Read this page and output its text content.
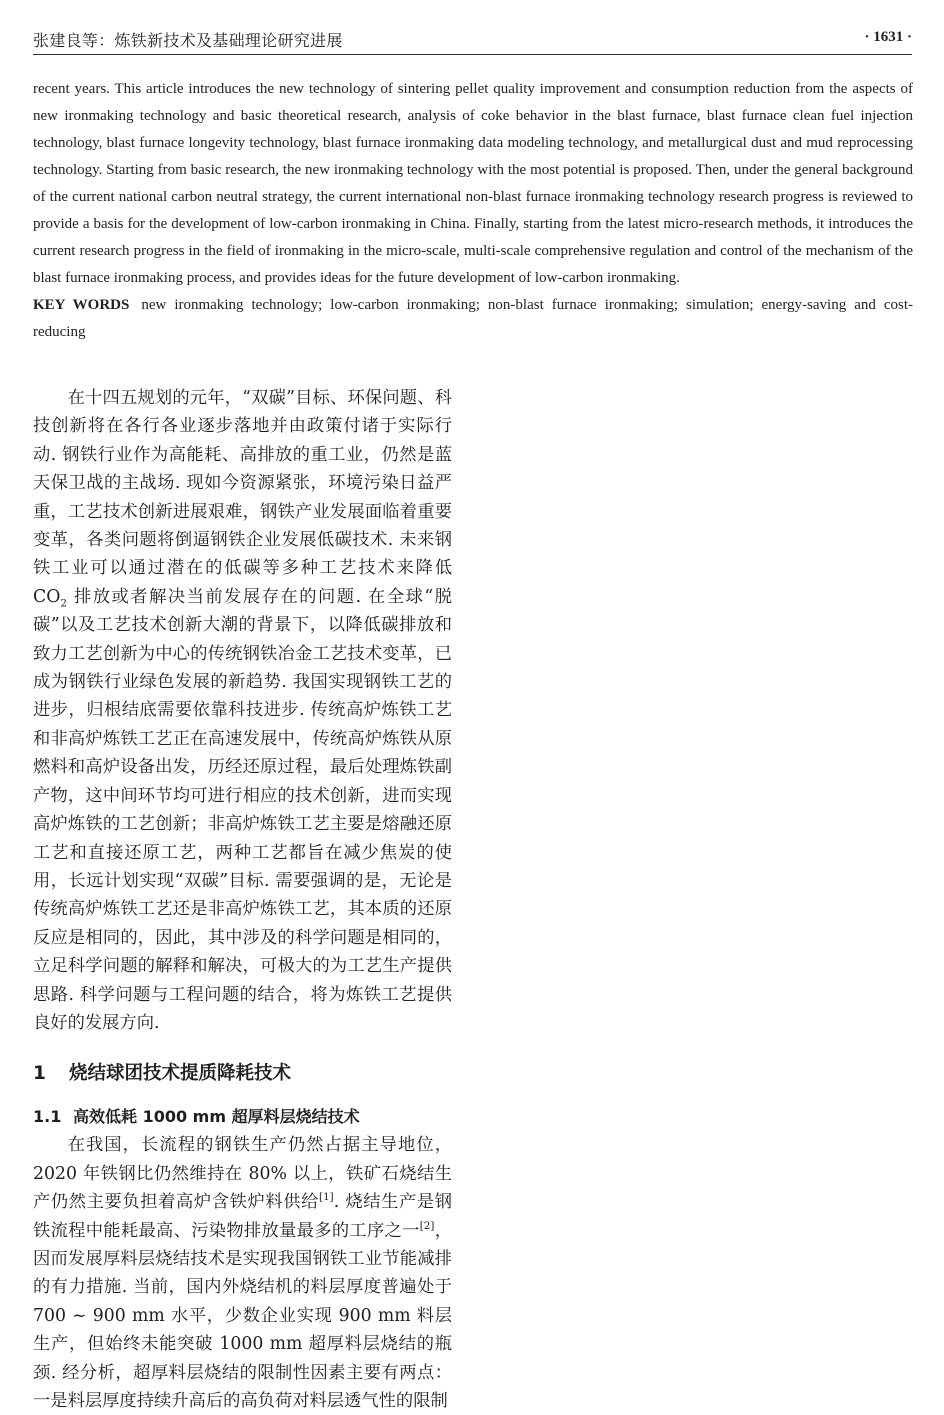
张建良等：炼铁新技术及基础理论研究进展	· 1631 ·

recent years. This article introduces the new technology of sintering pellet quality improvement and consumption reduction from the aspects of new ironmaking technology and basic theoretical research, analysis of coke behavior in the blast furnace, blast furnace clean fuel injection technology, blast furnace longevity technology, blast furnace ironmaking data modeling technology, and metallurgical dust and mud reprocessing technology. Starting from basic research, the new ironmaking technology with the most potential is proposed. Then, under the general background of the current national carbon neutral strategy, the current international non-blast furnace ironmaking technology research progress is reviewed to provide a basis for the development of low-carbon ironmaking in China. Finally, starting from the latest micro-research methods, it introduces the current research progress in the field of ironmaking in the micro-scale, multi-scale comprehensive regulation and control of the mechanism of the blast furnace ironmaking process, and provides ideas for the future development of low-carbon ironmaking.

KEY WORDS new ironmaking technology; low-carbon ironmaking; non-blast furnace ironmaking; simulation; energy-saving and cost-reducing

在十四五规划的元年，“双碳”目标、环保问题、科技创新将在各行各业逐步落地并由政策付诸于实际行动. 钢铁行业作为高能耗、高排放的重工业，仍然是蓝天保卫战的主战场. 现如今资源紧张，环境污染日益严重，工艺技术创新进展艰难，钢铁产业发展面临着重要变革，各类问题将倒逼钢铁企业发展低碳技术. 未来钢铁工业可以通过潜在的低碳等多种工艺技术来降低 $CO_2$ 排放或者解决当前发展存在的问题. 在全球“脱碳”以及工艺技术创新大潮的背景下，以降低碳排放和致力工艺创新为中心的传统钢铁冶金工艺技术变革，已成为钢铁行业绿色发展的新趋势. 我国实现钢铁工艺的进步，归根结底需要依靠科技进步. 传统高炉炼铁工艺和非高炉炼铁工艺正在高速发展中，传统高炉炼铁从原燃料和高炉设备出发，历经还原过程，最后处理炼铁副产物，这中间环节均可进行相应的技术创新，进而实现高炉炼铁的工艺创新；非高炉炼铁工艺主要是熔融还原工艺和直接还原工艺，两种工艺都旨在减少焦炭的使用，长远计划实现“双碳”目标. 需要强调的是，无论是传统高炉炼铁工艺还是非高炉炼铁工艺，其本质的还原反应是相同的，因此，其中涉及的科学问题是相同的，立足科学问题的解释和解决，可极大的为工艺生产提供思路. 科学问题与工程问题的结合，将为炼铁工艺提供良好的发展方向.

1 烧结球团技术提质降耗技术
1.1 高效低耗 1000 mm 超厚料层烧结技术

在我国，长流程的钢铁生产仍然占据主导地位，2020 年铁钢比仍然维持在 80% 以上，铁矿石烧结生产仍然主要负担着高炉含铁炉料供给[1]. 烧结生产是钢铁流程中能耗最高、污染物排放量最多的工序之一[2]，因而发展厚料层烧结技术是实现我国钢铁工业节能减排的有力措施. 当前，国内外烧结机的料层厚度普遍处于 700 ~ 900 mm 水平，少数企业实现 900 mm 料层生产，但始终未能突破 1000 mm 超厚料层烧结的瓶颈. 经分析，超厚料层烧结的限制性因素主要有两点：一是料层厚度持续升高后的高负荷对料层透气性的限制
